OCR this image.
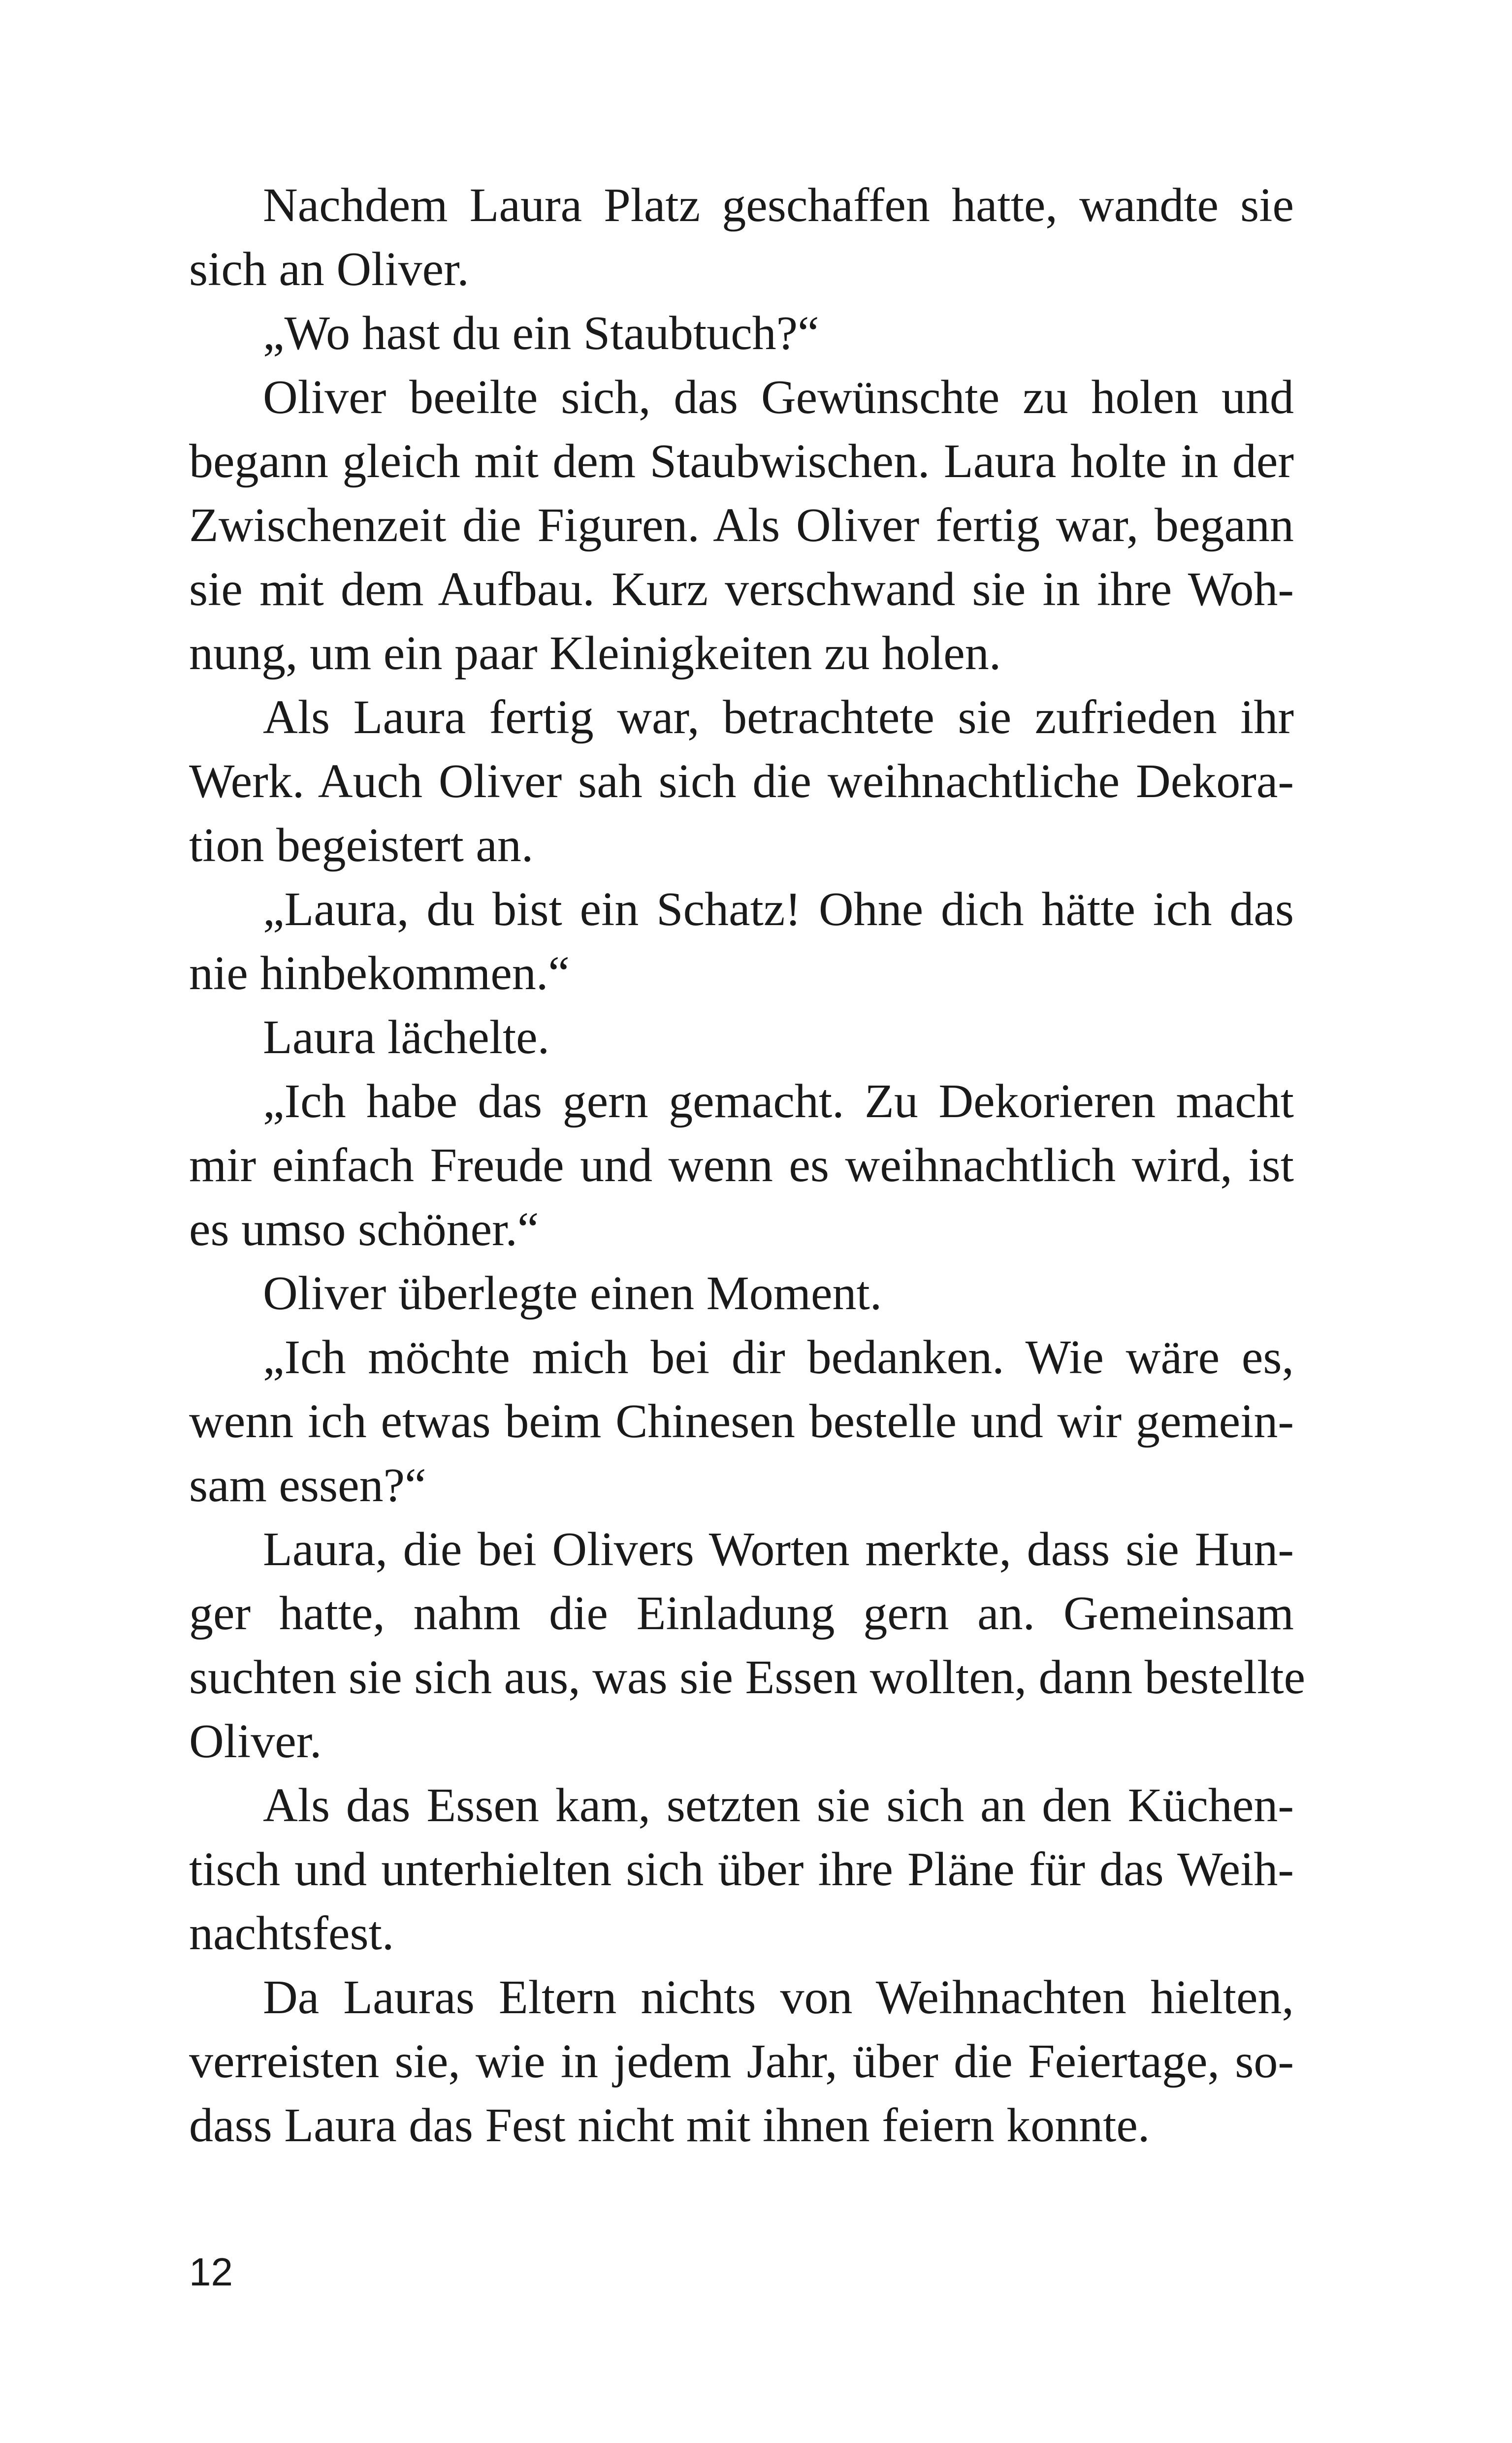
Nachdem Laura Platz geschaffen hatte, wandte sie
sich an Oliver.
„Wo hast du ein Staubtuch?“
Oliver beeilte sich, das Gewünschte zu holen und
begann gleich mit dem Staubwischen. Laura holte in der
Zwischenzeit die Figuren. Als Oliver fertig war, begann
sie mit dem Aufbau. Kurz verschwand sie in ihre Woh-
nung, um ein paar Kleinigkeiten zu holen.
Als Laura fertig war, betrachtete sie zufrieden ihr
Werk. Auch Oliver sah sich die weihnachtliche Dekora-
tion begeistert an.
„Laura, du bist ein Schatz! Ohne dich hätte ich das
nie hinbekommen.“
Laura lächelte.
„Ich habe das gern gemacht. Zu Dekorieren macht
mir einfach Freude und wenn es weihnachtlich wird, ist
es umso schöner.“
Oliver überlegte einen Moment.
„Ich möchte mich bei dir bedanken. Wie wäre es,
wenn ich etwas beim Chinesen bestelle und wir gemein-
sam essen?“
Laura, die bei Olivers Worten merkte, dass sie Hun-
ger hatte, nahm die Einladung gern an. Gemeinsam
suchten sie sich aus, was sie Essen wollten, dann bestellte
Oliver.
Als das Essen kam, setzten sie sich an den Küchen-
tisch und unterhielten sich über ihre Pläne für das Weih-
nachtsfest.
Da Lauras Eltern nichts von Weihnachten hielten,
verreisten sie, wie in jedem Jahr, über die Feiertage, so-
dass Laura das Fest nicht mit ihnen feiern konnte.
12
